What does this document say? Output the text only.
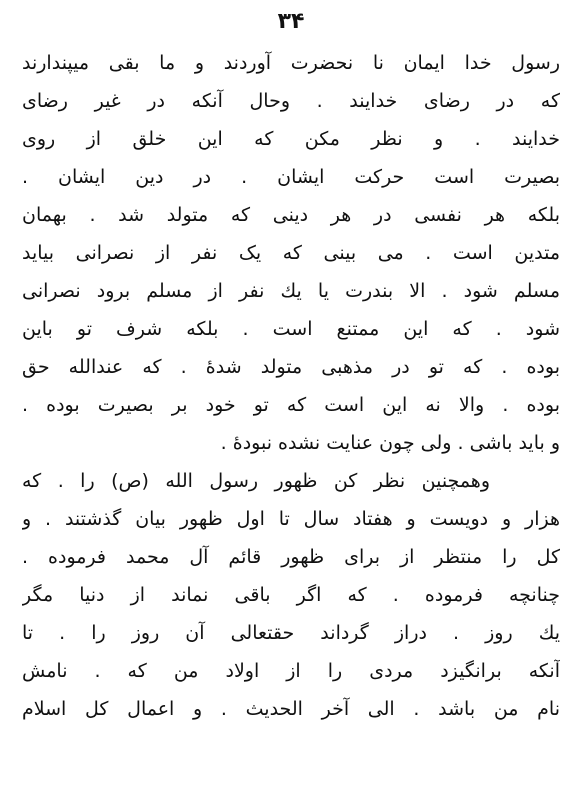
۳۴
رسول خدا ایمان نا نحضرت آوردند و ما بقی میپندارند
که در رضای خدایند . وحال آنکه در غیر رضای
خدایند . و نظر مکن که این خلق از روی
بصیرت است حرکت ایشان . در دین ایشان .
بلکه هر نفسی در هر دینی که متولد شد . بهمان
متدین است . می بینی که یک نفر از نصرانی بیاید
مسلم شود . الا بندرت یا یك نفر از مسلم برود نصرانی
شود . که این ممتنع است . بلکه شرف تو باین
بوده . که تو در مذهبی متولد شدهٔ . که عندالله حق
بوده . والا نه این است که تو خود بر بصیرت بوده .
و باید باشی . ولی چون عنایت نشده نبودهٔ .
وهمچنین نظر کن ظهور رسول الله (ص) را . که
هزار و دویست و هفتاد سال تا اول ظهور بیان گذشتند . و
کل را منتظر از برای ظهور قائم آل محمد فرموده .
چنانچه فرموده . که اگر باقی نماند از دنیا مگر
یك روز . دراز گرداند حقتعالی آن روز را . تا
آنکه برانگیزد مردی را از اولاد من که . نامش
نام من باشد . الی آخر الحدیث . و اعمال کل اسلام
